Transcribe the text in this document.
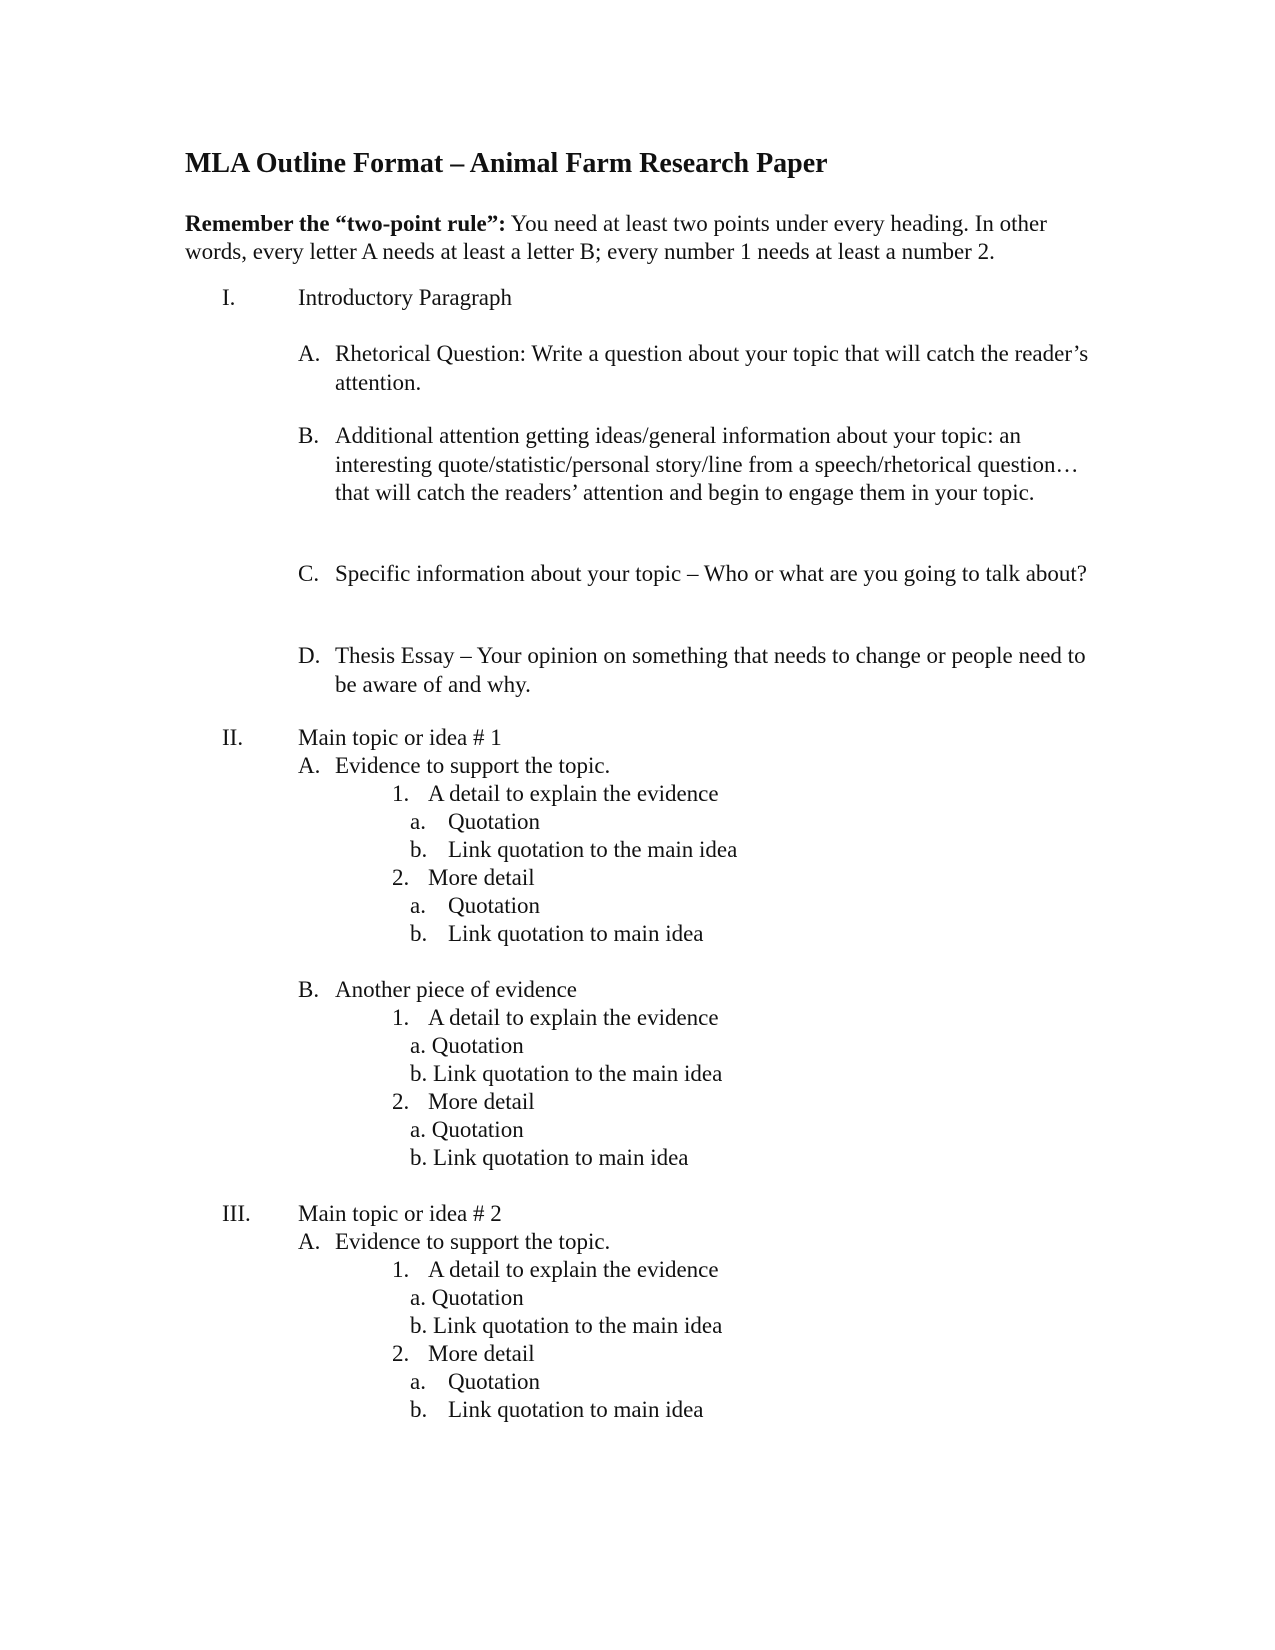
MLA Outline Format – Animal Farm Research Paper
Remember the “two-point rule”: You need at least two points under every heading. In other words, every letter A needs at least a letter B; every number 1 needs at least a number 2.
I.	Introductory Paragraph
A. Rhetorical Question: Write a question about your topic that will catch the reader’s attention.
B. Additional attention getting ideas/general information about your topic: an interesting quote/statistic/personal story/line from a speech/rhetorical question…that will catch the readers’ attention and begin to engage them in your topic.
C. Specific information about your topic – Who or what are you going to talk about?
D. Thesis Essay – Your opinion on something that needs to change or people need to be aware of and why.
II. Main topic or idea # 1
A. Evidence to support the topic.
1. A detail to explain the evidence
a. Quotation
b. Link quotation to the main idea
2. More detail
a. Quotation
b. Link quotation to main idea
B. Another piece of evidence
1. A detail to explain the evidence
a. Quotation
b. Link quotation to the main idea
2. More detail
a. Quotation
b. Link quotation to main idea
III. Main topic or idea # 2
A. Evidence to support the topic.
1. A detail to explain the evidence
a. Quotation
b. Link quotation to the main idea
2. More detail
a. Quotation
b. Link quotation to main idea
